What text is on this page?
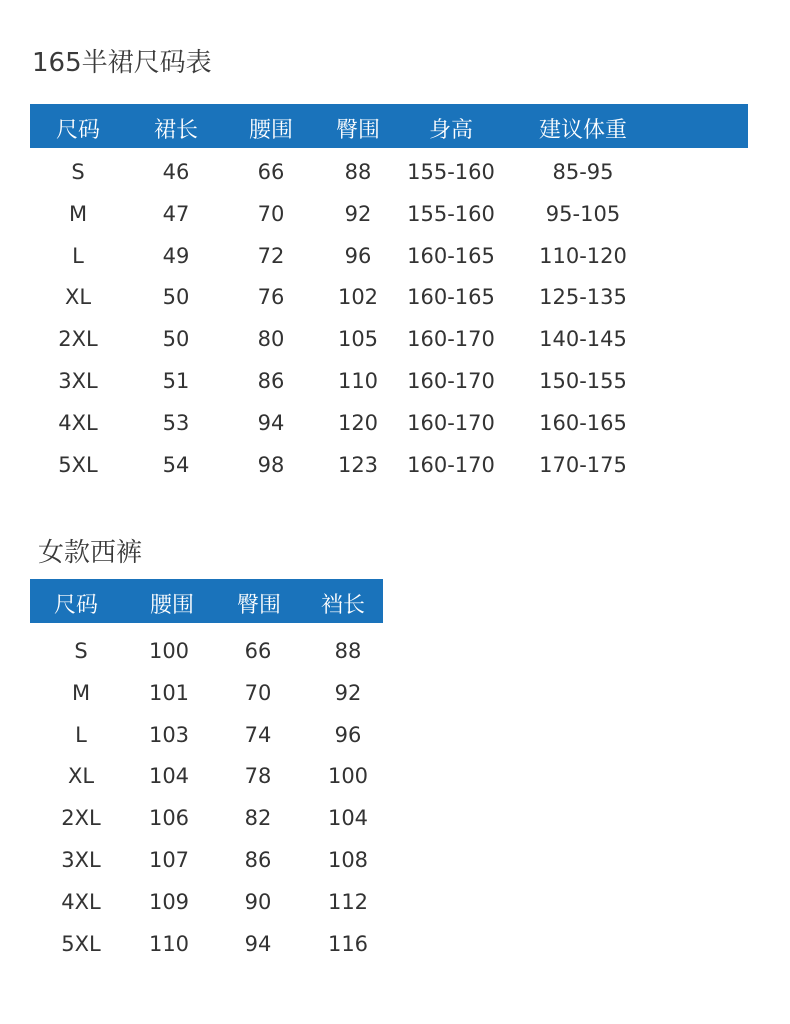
165半裙尺码表
尺码 裙长 腰围 臀围 身高	建议体重
S	46	66	88 155-160	85-95
M	47	70	92 155-160 95-105
L	49	72	96 160-165 110-120
XL	50	76	102 160-165 125-135
2XL	50	80	105 160-170 140-145
3XL	51	86	110 160-170 150-155
4XL	53	94	120 160-170 160-165
5XL	54	98	123 160-170 170-175
女款西裤
尺码 腰围 臀围 裆长
S	100	66	88
M	101	70	92
L	103	74	96
XL	104	78	100
2XL 106	82	104
3XL 107	86	108
4XL 109	90	112
5XL 110	94	116
